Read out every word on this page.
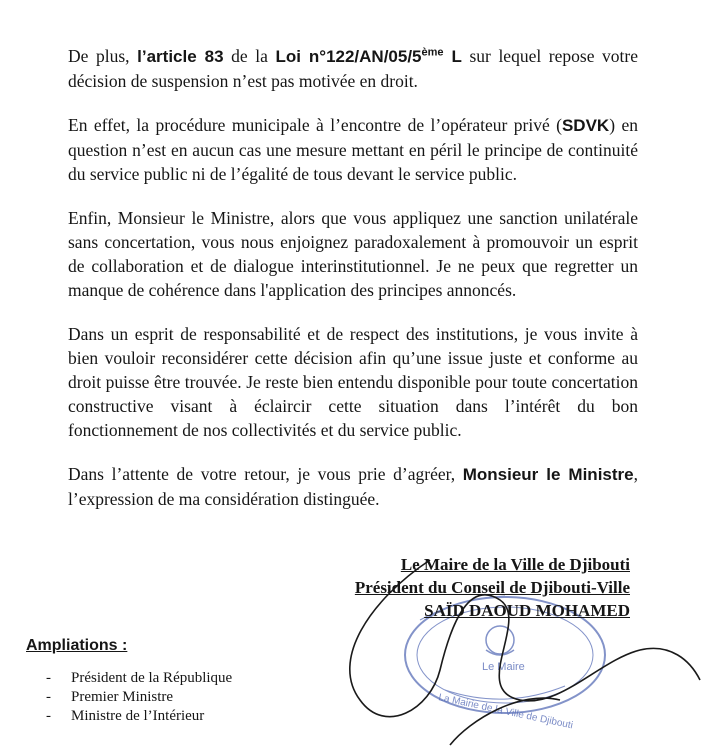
De plus, l’article 83 de la Loi n°122/AN/05/5ème L sur lequel repose votre décision de suspension n’est pas motivée en droit.

En effet, la procédure municipale à l’encontre de l’opérateur privé (SDVK) en question n’est en aucun cas une mesure mettant en péril le principe de continuité du service public ni de l’égalité de tous devant le service public.

Enfin, Monsieur le Ministre, alors que vous appliquez une sanction unilatérale sans concertation, vous nous enjoignez paradoxalement à promouvoir un esprit de collaboration et de dialogue interinstitutionnel. Je ne peux que regretter un manque de cohérence dans l'application des principes annoncés.

Dans un esprit de responsabilité et de respect des institutions, je vous invite à bien vouloir reconsidérer cette décision afin qu’une issue juste et conforme au droit puisse être trouvée. Je reste bien entendu disponible pour toute concertation constructive visant à éclaircir cette situation dans l’intérêt du bon fonctionnement de nos collectivités et du service public.

Dans l’attente de votre retour, je vous prie d’agréer, Monsieur le Ministre, l’expression de ma considération distinguée.

Le Maire
La Mairie de la Ville de Djibouti
Le Maire de la Ville de Djibouti
Président du Conseil de Djibouti-Ville
SAÏD DAOUD MOHAMED
Ampliations :
- Président de la République
- Premier Ministre
- Ministre de l’Intérieur
